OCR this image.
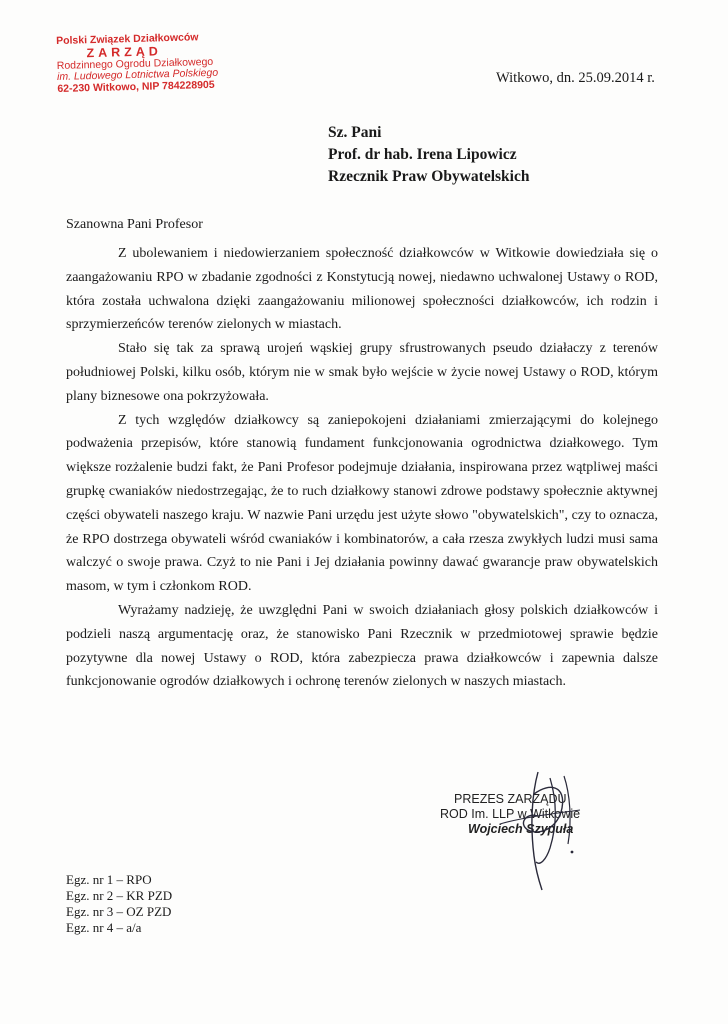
Polski Związek Działkowców
ZARZĄD
Rodzinnego Ogrodu Działkowego
im. Ludowego Lotnictwa Polskiego
62-230 Witkowo, NIP 784228905
Witkowo, dn. 25.09.2014 r.
Sz. Pani
Prof. dr hab. Irena Lipowicz
Rzecznik Praw Obywatelskich
Szanowna Pani Profesor

Z ubolewaniem i niedowierzaniem społeczność działkowców w Witkowie dowiedziała się o zaangażowaniu RPO w zbadanie zgodności z Konstytucją nowej, niedawno uchwalonej Ustawy o ROD, która została uchwalona dzięki zaangażowaniu milionowej społeczności działkowców, ich rodzin i sprzymierzeńców terenów zielonych w miastach.

Stało się tak za sprawą urojeń wąskiej grupy sfrustrowanych pseudo działaczy z terenów południowej Polski, kilku osób, którym nie w smak było wejście w życie nowej Ustawy o ROD, którym plany biznesowe ona pokrzyżowała.

Z tych względów działkowcy są zaniepokojeni działaniami zmierzającymi do kolejnego podważenia przepisów, które stanowią fundament funkcjonowania ogrodnictwa działkowego. Tym większe rozżalenie budzi fakt, że Pani Profesor podejmuje działania, inspirowana przez wątpliwej maści grupkę cwaniaków niedostrzegając, że to ruch działkowy stanowi zdrowe podstawy społecznie aktywnej części obywateli naszego kraju. W nazwie Pani urzędu jest użyte słowo "obywatelskich", czy to oznacza, że RPO dostrzega obywateli wśród cwaniaków i kombinatorów, a cała rzesza zwykłych ludzi musi sama walczyć o swoje prawa. Czyż to nie Pani i Jej działania powinny dawać gwarancje praw obywatelskich masom, w tym i członkom ROD.

Wyrażamy nadzieję, że uwzględni Pani w swoich działaniach głosy polskich działkowców i podzieli naszą argumentację oraz, że stanowisko Pani Rzecznik w przedmiotowej sprawie będzie pozytywne dla nowej Ustawy o ROD, która zabezpiecza prawa działkowców i zapewnia dalsze funkcjonowanie ogrodów działkowych i ochronę terenów zielonych w naszych miastach.

PREZES ZARZĄDU
ROD Im. LLP w Witkowie
Wojciech Szypuła
Egz. nr 1 – RPO
Egz. nr 2 – KR PZD
Egz. nr 3 – OZ PZD
Egz. nr 4 – a/a
